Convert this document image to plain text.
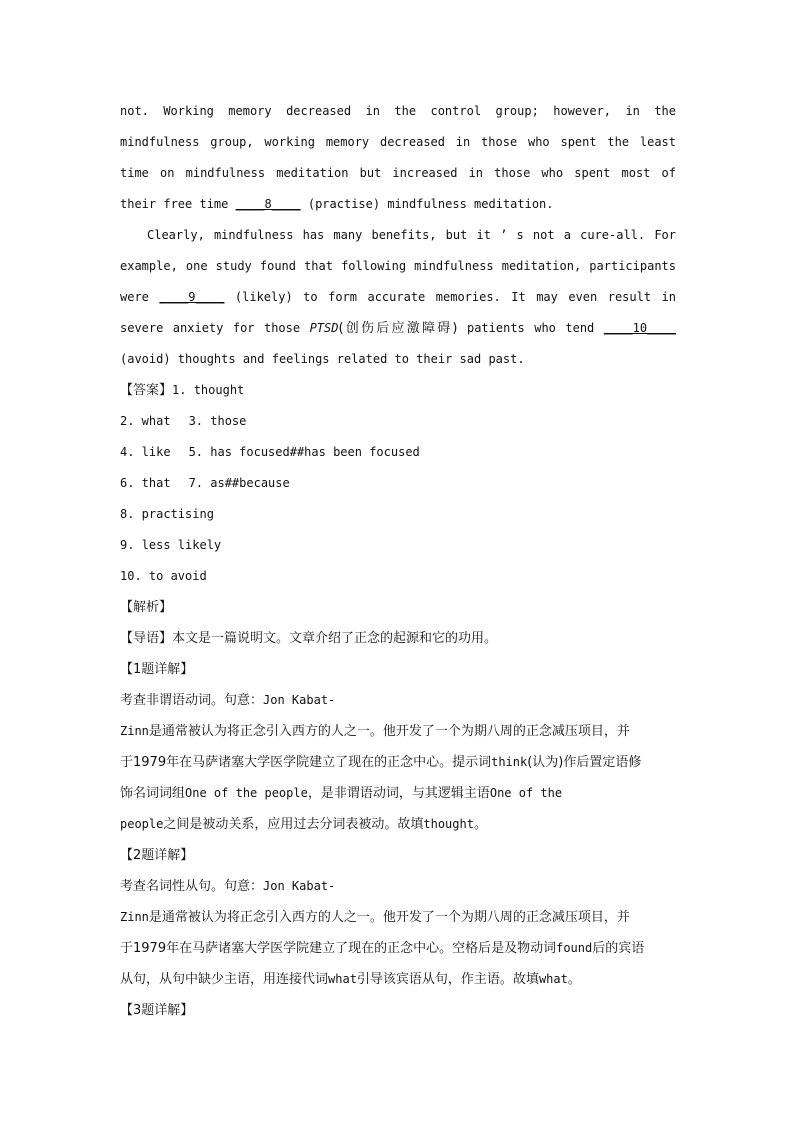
not. Working memory decreased in the control group; however, in the mindfulness group, working memory decreased in those who spent the least time on mindfulness meditation but increased in those who spent most of their free time ____8____ (practise) mindfulness meditation.

Clearly, mindfulness has many benefits, but it ’ s not a cure-all. For example, one study found that following mindfulness meditation, participants were ____9____ (likely) to form accurate memories. It may even result in severe anxiety for those PTSD(创伤后应激障碍) patients who tend ____10____ (avoid) thoughts and feelings related to their sad past.

【答案】1. thought

2. what 3. those

4. like 5. has focused##has been focused

6. that 7. as##because

8. practising

9. less likely

10. to avoid

【解析】

【导语】本文是一篇说明文。文章介绍了正念的起源和它的功用。

【1题详解】

考查非谓语动词。句意：Jon Kabat-

Zinn是通常被认为将正念引入西方的人之一。他开发了一个为期八周的正念减压项目，并

于1979年在马萨诸塞大学医学院建立了现在的正念中心。提示词think(认为)作后置定语修

饰名词词组One of the people，是非谓语动词，与其逻辑主语One of the

people之间是被动关系，应用过去分词表被动。故填thought。

【2题详解】

考查名词性从句。句意：Jon Kabat-

Zinn是通常被认为将正念引入西方的人之一。他开发了一个为期八周的正念减压项目，并

于1979年在马萨诸塞大学医学院建立了现在的正念中心。空格后是及物动词found后的宾语

从句，从句中缺少主语，用连接代词what引导该宾语从句，作主语。故填what。

【3题详解】
